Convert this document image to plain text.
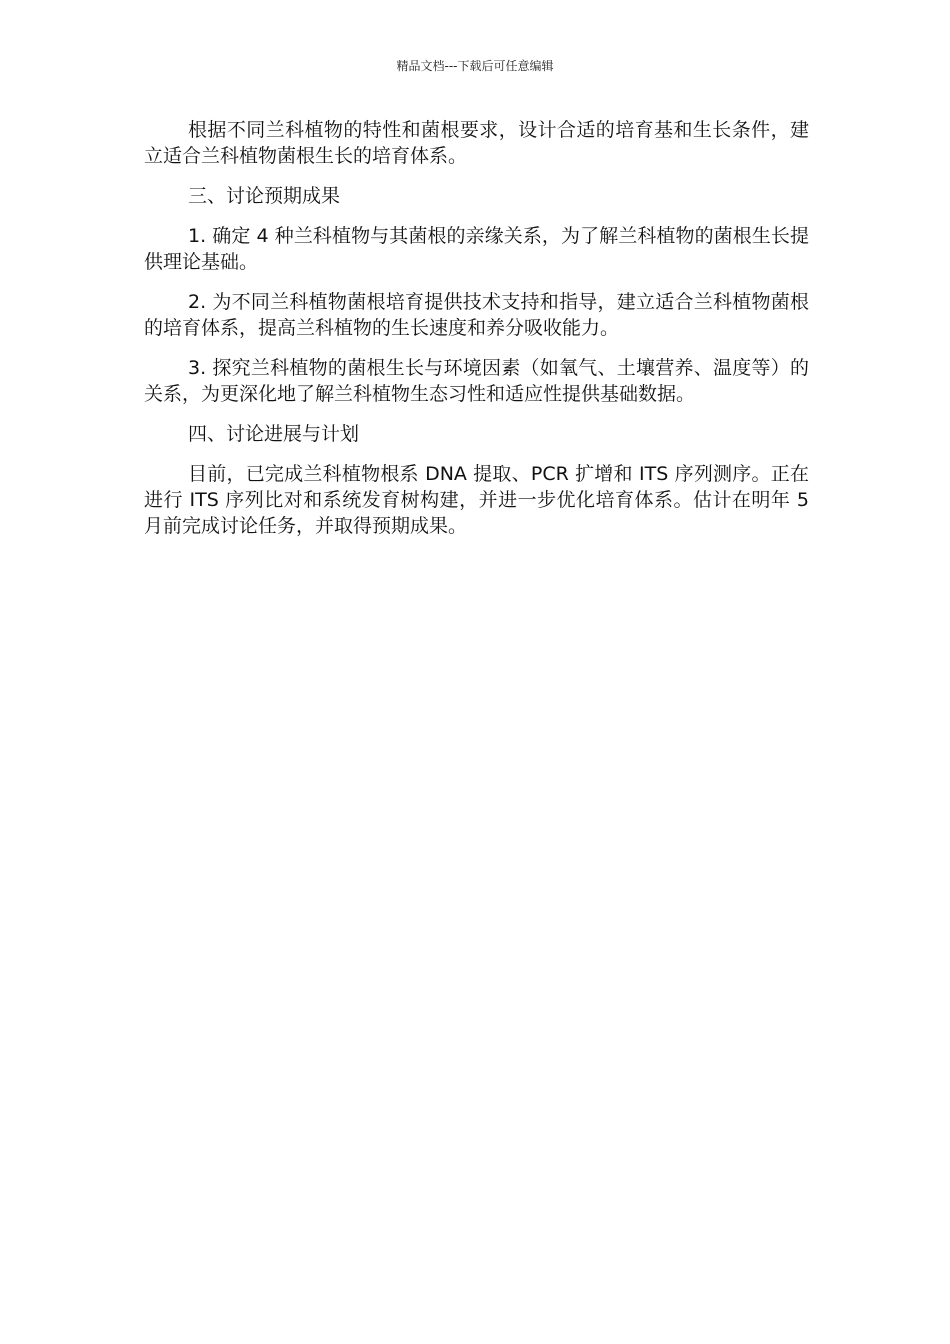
精品文档---下载后可任意编辑

根据不同兰科植物的特性和菌根要求，设计合适的培育基和生长条件，建立适合兰科植物菌根生长的培育体系。

三、讨论预期成果

1. 确定 4 种兰科植物与其菌根的亲缘关系，为了解兰科植物的菌根生长提供理论基础。

2. 为不同兰科植物菌根培育提供技术支持和指导，建立适合兰科植物菌根的培育体系，提高兰科植物的生长速度和养分吸收能力。

3. 探究兰科植物的菌根生长与环境因素（如氧气、土壤营养、温度等）的关系，为更深化地了解兰科植物生态习性和适应性提供基础数据。

四、讨论进展与计划

目前，已完成兰科植物根系 DNA 提取、PCR 扩增和 ITS 序列测序。正在进行 ITS 序列比对和系统发育树构建，并进一步优化培育体系。估计在明年 5 月前完成讨论任务，并取得预期成果。
